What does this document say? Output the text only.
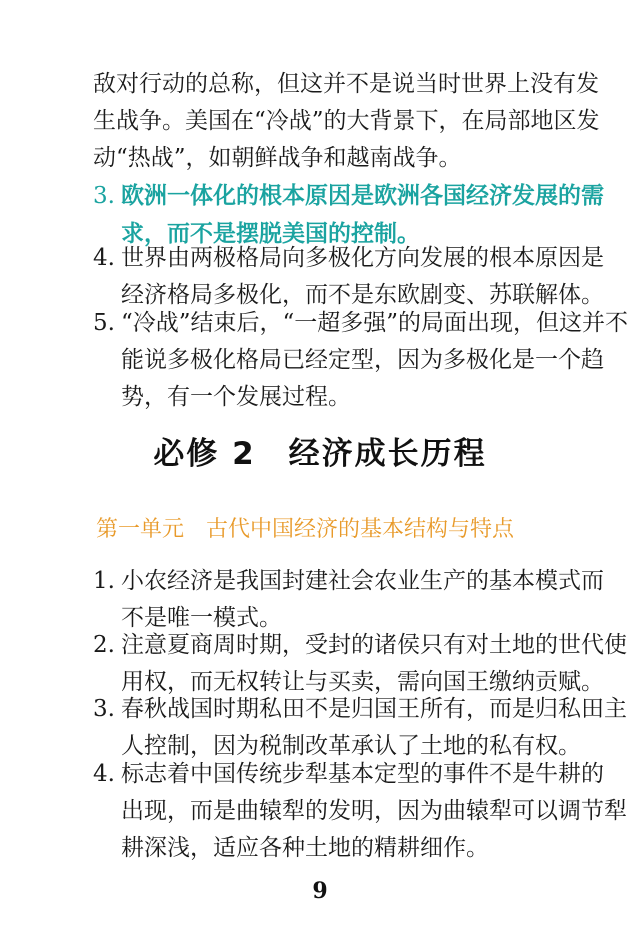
敌对行动的总称，但这并不是说当时世界上没有发
生战争。美国在“冷战”的大背景下，在局部地区发
动“热战”，如朝鲜战争和越南战争。
3. 欧洲一体化的根本原因是欧洲各国经济发展的需
求，而不是摆脱美国的控制。
4. 世界由两极格局向多极化方向发展的根本原因是
经济格局多极化，而不是东欧剧变、苏联解体。
5. “冷战”结束后，“一超多强”的局面出现，但这并不
能说多极化格局已经定型，因为多极化是一个趋
势，有一个发展过程。
必修 2　经济成长历程
第一单元 古代中国经济的基本结构与特点
1. 小农经济是我国封建社会农业生产的基本模式而
不是唯一模式。
2. 注意夏商周时期，受封的诸侯只有对土地的世代使
用权，而无权转让与买卖，需向国王缴纳贡赋。
3. 春秋战国时期私田不是归国王所有，而是归私田主
人控制，因为税制改革承认了土地的私有权。
4. 标志着中国传统步犁基本定型的事件不是牛耕的
出现，而是曲辕犁的发明，因为曲辕犁可以调节犁
耕深浅，适应各种土地的精耕细作。
9
